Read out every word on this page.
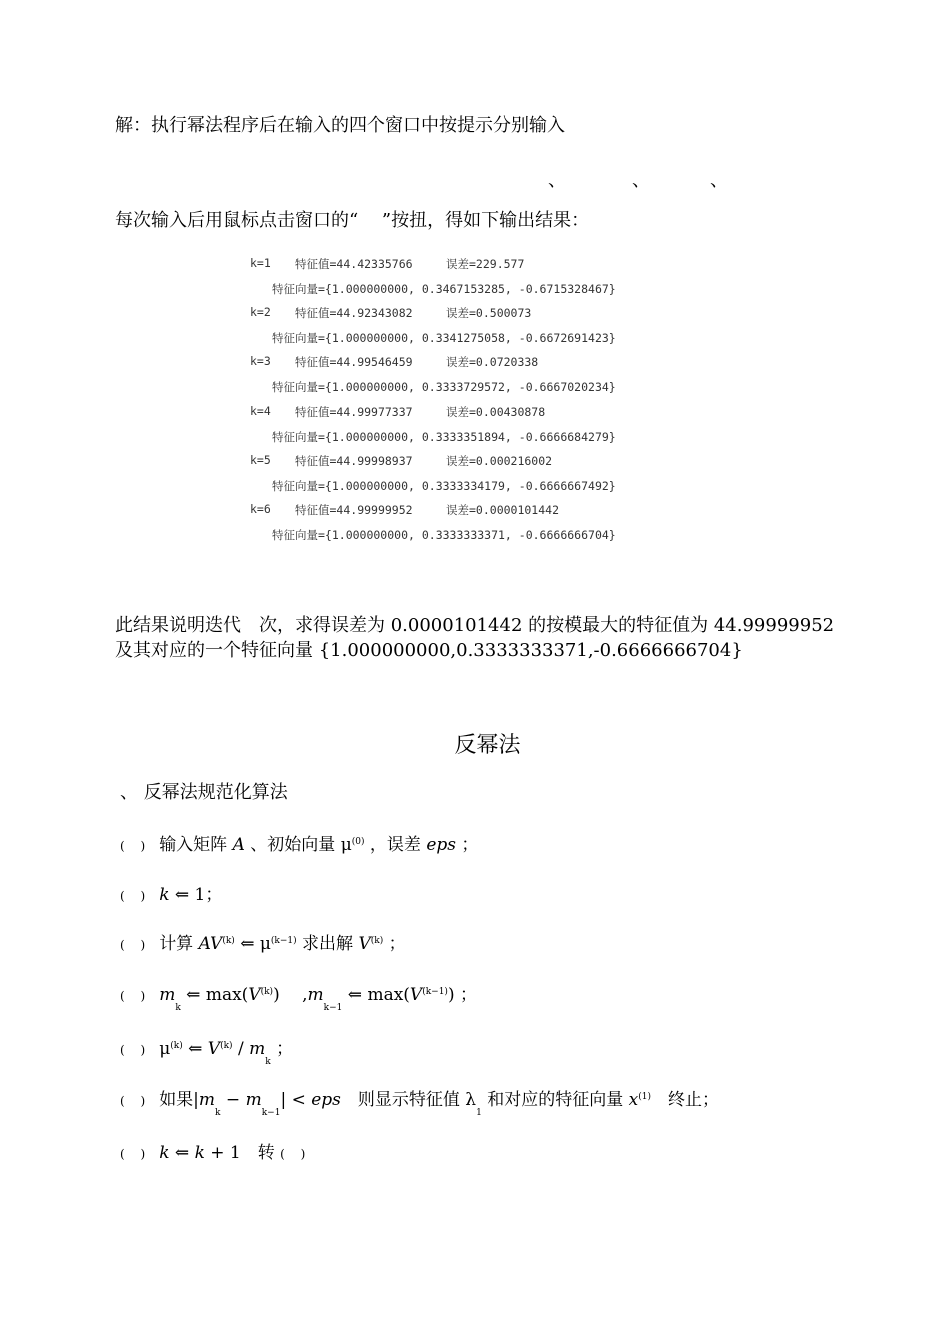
解：执行幂法程序后在输入的四个窗口中按提示分别输入
、	、	、
每次输入后用鼠标点击窗口的“　 ”按扭，得如下输出结果：
k=1 特征值=44.42335766	误差=229.577
特征向量={1.000000000, 0.3467153285, -0.6715328467}
k=2 特征值=44.92343082	误差=0.500073
特征向量={1.000000000, 0.3341275058, -0.6672691423}
k=3 特征值=44.99546459	误差=0.0720338
特征向量={1.000000000, 0.3333729572, -0.6667020234}
k=4 特征值=44.99977337	误差=0.00430878
特征向量={1.000000000, 0.3333351894, -0.6666684279}
k=5 特征值=44.99998937	误差=0.000216002
特征向量={1.000000000, 0.3333334179, -0.6666667492}
k=6 特征值=44.99999952	误差=0.0000101442
特征向量={1.000000000, 0.3333333371, -0.6666666704}
此结果说明迭代　次，求得误差为 0.0000101442 的按模最大的特征值为 44.99999952
及其对应的一个特征向量 {1.000000000,0.3333333371,-0.6666666704}
反幂法
、 反幂法规范化算法
( ) 输入矩阵 A 、初始向量 $\mu^{(0)}$ ，误差 eps ；
( ) k ⇐ 1；
( ) 计算 AV$^{(k)}$ ⇐ $\mu^{(k-1)}$ 求出解 $V^{(k)}$ ；
( ) $m_k$ ⇐ $\max(V^{(k)})$　 $,m_{k-1}$ ⇐ $\max(V^{(k-1)})$ ；
( ) $\mu^{(k)}$ ⇐ $V^{(k)} / m_k$ ；
( ) 如果$|m_k - m_{k-1}|$ < eps　则显示特征值 $\lambda_1$ 和对应的特征向量 $x^{(1)}$　终止；
( ) k ⇐ k + 1　转 ( )
